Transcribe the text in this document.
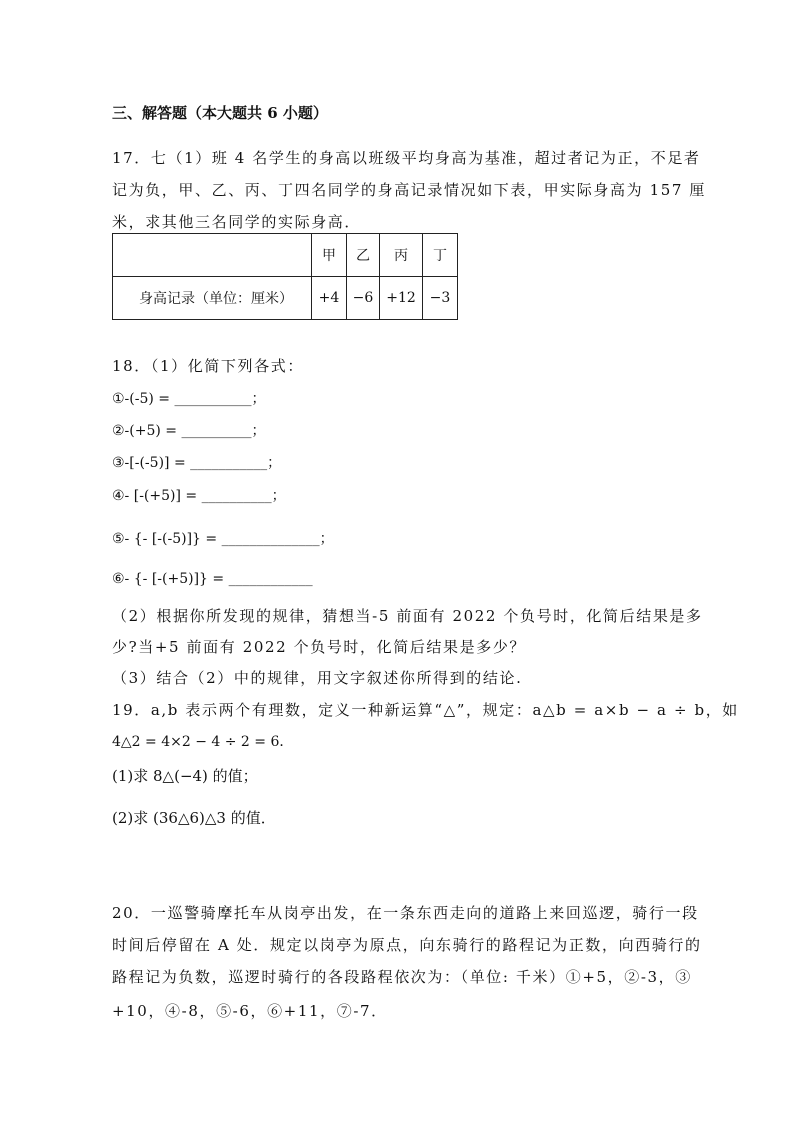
三、解答题（本大题共 6 小题）
17．七（1）班 4 名学生的身高以班级平均身高为基准，超过者记为正，不足者
记为负，甲、乙、丙、丁四名同学的身高记录情况如下表，甲实际身高为 157 厘
米，求其他三名同学的实际身高．
	甲	乙	丙	丁
身高记录（单位：厘米）	+4	−6	+12	−3
18．（1）化简下列各式：
①-(-5) = ___________；
②-(+5) = __________；
③-[-(-5)] = ___________；
④- [-(+5)] = __________；
⑤- {- [-(-5)]} = ______________；
⑥- {- [-(+5)]} = ____________
（2）根据你所发现的规律，猜想当-5 前面有 2022 个负号时，化简后结果是多
少?当+5 前面有 2022 个负号时，化简后结果是多少？
（3）结合（2）中的规律，用文字叙述你所得到的结论.
19．a,b 表示两个有理数，定义一种新运算“△”，规定：a△b = a×b − a ÷ b，如
4△2 = 4×2 − 4 ÷ 2 = 6．
(1)求 8△(−4) 的值；
(2)求 (36△6)△3 的值．
20．一巡警骑摩托车从岗亭出发，在一条东西走向的道路上来回巡逻，骑行一段
时间后停留在 A 处．规定以岗亭为原点，向东骑行的路程记为正数，向西骑行的
路程记为负数，巡逻时骑行的各段路程依次为：（单位: 千米）①+5，②-3，③
+10，④-8，⑤-6，⑥+11，⑦-7．
